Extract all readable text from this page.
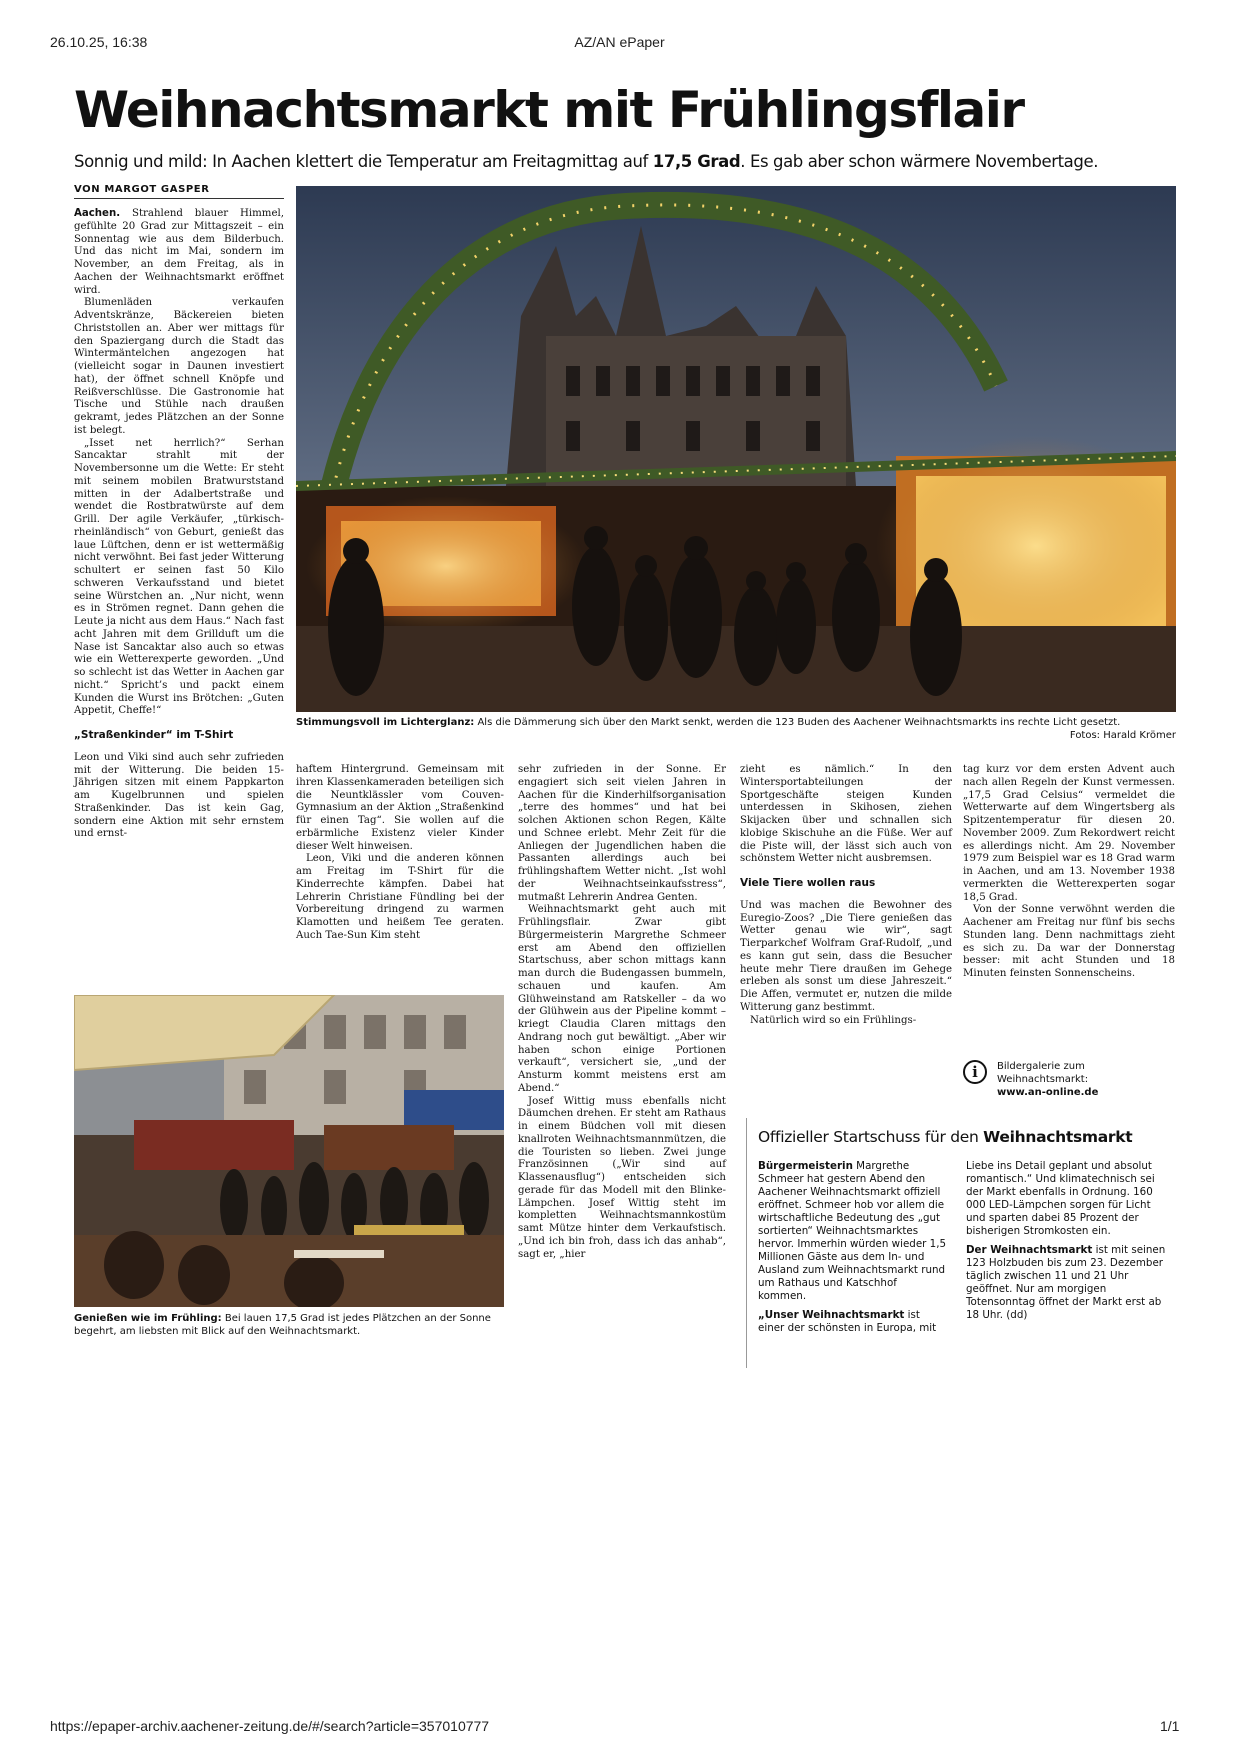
26.10.25, 16:38	AZ/AN ePaper
https://epaper-archiv.aachener-zeitung.de/#/search?article=357010777	1/1
Weihnachtsmarkt mit Frühlingsflair
Sonnig und mild: In Aachen klettert die Temperatur am Freitagmittag auf 17,5 Grad. Es gab aber schon wärmere Novembertage.
VON MARGOT GASPER

Aachen. Strahlend blauer Himmel, gefühlte 20 Grad zur Mittagszeit – ein Sonnentag wie aus dem Bilderbuch. Und das nicht im Mai, sondern im November, an dem Freitag, als in Aachen der Weihnachtsmarkt eröffnet wird.

Blumenläden verkaufen Adventskränze, Bäckereien bieten Christstollen an. Aber wer mittags für den Spaziergang durch die Stadt das Wintermäntelchen angezogen hat (vielleicht sogar in Daunen investiert hat), der öffnet schnell Knöpfe und Reißverschlüsse. Die Gastronomie hat Tische und Stühle nach draußen gekramt, jedes Plätzchen an der Sonne ist belegt.

„Isset net herrlich?“ Serhan Sancaktar strahlt mit der Novembersonne um die Wette: Er steht mit seinem mobilen Bratwurststand mitten in der Adalbertstraße und wendet die Rostbratwürste auf dem Grill. Der agile Verkäufer, „türkisch-rheinländisch“ von Geburt, genießt das laue Lüftchen, denn er ist wettermäßig nicht verwöhnt. Bei fast jeder Witterung schultert er seinen fast 50 Kilo schweren Verkaufsstand und bietet seine Würstchen an. „Nur nicht, wenn es in Strömen regnet. Dann gehen die Leute ja nicht aus dem Haus.“ Nach fast acht Jahren mit dem Grillduft um die Nase ist Sancaktar also auch so etwas wie ein Wetterexperte geworden. „Und so schlecht ist das Wetter in Aachen gar nicht.“ Spricht’s und packt einem Kunden die Wurst ins Brötchen: „Guten Appetit, Cheffe!“

„Straßenkinder“ im T-Shirt

Leon und Viki sind auch sehr zufrieden mit der Witterung. Die beiden 15-Jährigen sitzen mit einem Pappkarton am Kugelbrunnen und spielen Straßenkinder. Das ist kein Gag, sondern eine Aktion mit sehr ernstem und ernst-

Stimmungsvoll im Lichterglanz: Als die Dämmerung sich über den Markt senkt, werden die 123 Buden des Aachener Weihnachtsmarkts ins rechte Licht gesetzt.
Fotos: Harald Krömer

haftem Hintergrund. Gemeinsam mit ihren Klassenkameraden beteiligen sich die Neuntklässler vom Couven-Gymnasium an der Aktion „Straßenkind für einen Tag“. Sie wollen auf die erbärmliche Existenz vieler Kinder dieser Welt hinweisen.

Leon, Viki und die anderen können am Freitag im T-Shirt für die Kinderrechte kämpfen. Dabei hat Lehrerin Christiane Fündling bei der Vorbereitung dringend zu warmen Klamotten und heißem Tee geraten. Auch Tae-Sun Kim steht

sehr zufrieden in der Sonne. Er engagiert sich seit vielen Jahren in Aachen für die Kinderhilfsorganisation „terre des hommes“ und hat bei solchen Aktionen schon Regen, Kälte und Schnee erlebt. Mehr Zeit für die Anliegen der Jugendlichen haben die Passanten allerdings auch bei frühlingshaftem Wetter nicht. „Ist wohl der Weihnachtseinkaufsstress“, mutmaßt Lehrerin Andrea Genten.

Weihnachtsmarkt geht auch mit Frühlingsflair. Zwar gibt Bürgermeisterin Margrethe Schmeer erst am Abend den offiziellen Startschuss, aber schon mittags kann man durch die Budengassen bummeln, schauen und kaufen. Am Glühweinstand am Ratskeller – da wo der Glühwein aus der Pipeline kommt – kriegt Claudia Claren mittags den Andrang noch gut bewältigt. „Aber wir haben schon einige Portionen verkauft“, versichert sie, „und der Ansturm kommt meistens erst am Abend.“

Josef Wittig muss ebenfalls nicht Däumchen drehen. Er steht am Rathaus in einem Büdchen voll mit diesen knallroten Weihnachtsmannmützen, die die Touristen so lieben. Zwei junge Französinnen („Wir sind auf Klassenausflug“) entscheiden sich gerade für das Modell mit den Blinke-Lämpchen. Josef Wittig steht im kompletten Weihnachtsmannkostüm samt Mütze hinter dem Verkaufstisch. „Und ich bin froh, dass ich das anhab“, sagt er, „hier

zieht es nämlich.“ In den Wintersportabteilungen der Sportgeschäfte steigen Kunden unterdessen in Skihosen, ziehen Skijacken über und schnallen sich klobige Skischuhe an die Füße. Wer auf die Piste will, der lässt sich auch von schönstem Wetter nicht ausbremsen.

Viele Tiere wollen raus

Und was machen die Bewohner des Euregio-Zoos? „Die Tiere genießen das Wetter genau wie wir“, sagt Tierparkchef Wolfram Graf-Rudolf, „und es kann gut sein, dass die Besucher heute mehr Tiere draußen im Gehege erleben als sonst um diese Jahreszeit.“ Die Affen, vermutet er, nutzen die milde Witterung ganz bestimmt.

Natürlich wird so ein Frühlings-

tag kurz vor dem ersten Advent auch nach allen Regeln der Kunst vermessen. „17,5 Grad Celsius“ vermeldet die Wetterwarte auf dem Wingertsberg als Spitzentemperatur für diesen 20. November 2009. Zum Rekordwert reicht es allerdings nicht. Am 29. November 1979 zum Beispiel war es 18 Grad warm in Aachen, und am 13. November 1938 vermerkten die Wetterexperten sogar 18,5 Grad.

Von der Sonne verwöhnt werden die Aachener am Freitag nur fünf bis sechs Stunden lang. Denn nachmittags zieht es sich zu. Da war der Donnerstag besser: mit acht Stunden und 18 Minuten feinsten Sonnenscheins.

i	Bildergalerie zum
Weihnachtsmarkt:
www.an-online.de
Genießen wie im Frühling: Bei lauen 17,5 Grad ist jedes Plätzchen an der Sonne begehrt, am liebsten mit Blick auf den Weihnachtsmarkt.
Offizieller Startschuss für den Weihnachtsmarkt

Bürgermeisterin Margrethe Schmeer hat gestern Abend den Aachener Weihnachtsmarkt offiziell eröffnet. Schmeer hob vor allem die wirtschaftliche Bedeutung des „gut sortierten“ Weihnachtsmarktes hervor. Immerhin würden wieder 1,5 Millionen Gäste aus dem In- und Ausland zum Weihnachtsmarkt rund um Rathaus und Katschhof kommen.

„Unser Weihnachtsmarkt ist einer der schönsten in Europa, mit

Liebe ins Detail geplant und absolut romantisch.“ Und klimatechnisch sei der Markt ebenfalls in Ordnung. 160 000 LED-Lämpchen sorgen für Licht und sparten dabei 85 Prozent der bisherigen Stromkosten ein.

Der Weihnachtsmarkt ist mit seinen 123 Holzbuden bis zum 23. Dezember täglich zwischen 11 und 21 Uhr geöffnet. Nur am morgigen Totensonntag öffnet der Markt erst ab 18 Uhr. (dd)
